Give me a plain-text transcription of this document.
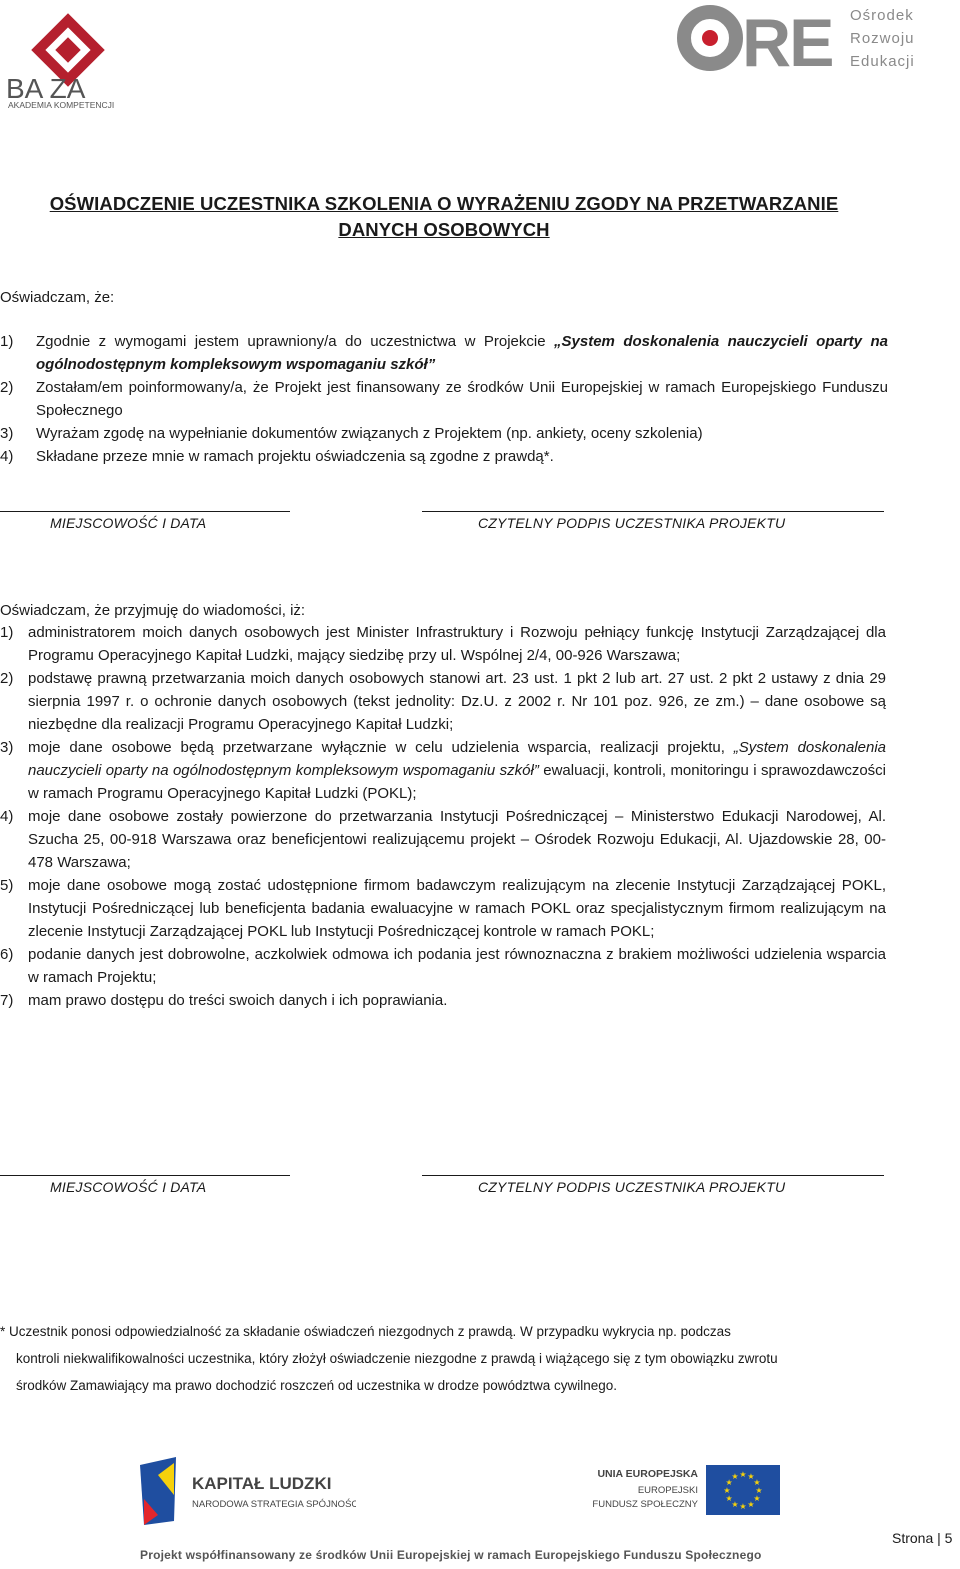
BA ZA
AKADEMIA KOMPETENCJI
RE Ośrodek
Rozwoju
Edukacji
OŚWIADCZENIE UCZESTNIKA SZKOLENIA O WYRAŻENIU ZGODY NA PRZETWARZANIE
DANYCH OSOBOWYCH
Oświadczam, że:
1)	Zgodnie z wymogami jestem uprawniony/a do uczestnictwa w Projekcie „System doskonalenia nauczycieli oparty na ogólnodostępnym kompleksowym wspomaganiu szkół”
2)	Zostałam/em poinformowany/a, że Projekt jest finansowany ze środków Unii Europejskiej w ramach Europejskiego Funduszu Społecznego
3)	Wyrażam zgodę na wypełnianie dokumentów związanych z Projektem (np. ankiety, oceny szkolenia)
4)	Składane przeze mnie w ramach projektu oświadczenia są zgodne z prawdą*.
MIEJSCOWOŚĆ I DATA	CZYTELNY PODPIS UCZESTNIKA PROJEKTU
Oświadczam, że przyjmuję do wiadomości, iż:
1) administratorem moich danych osobowych jest Minister Infrastruktury i Rozwoju pełniący funkcję Instytucji Zarządzającej dla Programu Operacyjnego Kapitał Ludzki, mający siedzibę przy ul. Wspólnej 2/4, 00-926 Warszawa;
2) podstawę prawną przetwarzania moich danych osobowych stanowi art. 23 ust. 1 pkt 2 lub art. 27 ust. 2 pkt 2 ustawy z dnia 29 sierpnia 1997 r. o ochronie danych osobowych (tekst jednolity: Dz.U. z 2002 r. Nr 101 poz. 926, ze zm.) – dane osobowe są niezbędne dla realizacji Programu Operacyjnego Kapitał Ludzki;
3) moje dane osobowe będą przetwarzane wyłącznie w celu udzielenia wsparcia, realizacji projektu, „System doskonalenia nauczycieli oparty na ogólnodostępnym kompleksowym wspomaganiu szkół” ewaluacji, kontroli, monitoringu i sprawozdawczości w ramach Programu Operacyjnego Kapitał Ludzki (POKL);
4) moje dane osobowe zostały powierzone do przetwarzania Instytucji Pośredniczącej – Ministerstwo Edukacji Narodowej, Al. Szucha 25, 00-918 Warszawa oraz beneficjentowi realizującemu projekt – Ośrodek Rozwoju Edukacji, Al. Ujazdowskie 28, 00-478 Warszawa;
5) moje dane osobowe mogą zostać udostępnione firmom badawczym realizującym na zlecenie Instytucji Zarządzającej POKL, Instytucji Pośredniczącej lub beneficjenta badania ewaluacyjne w ramach POKL oraz specjalistycznym firmom realizującym na zlecenie Instytucji Zarządzającej POKL lub Instytucji Pośredniczącej kontrole w ramach POKL;
6) podanie danych jest dobrowolne, aczkolwiek odmowa ich podania jest równoznaczna z brakiem możliwości udzielenia wsparcia w ramach Projektu;
7) mam prawo dostępu do treści swoich danych i ich poprawiania.
MIEJSCOWOŚĆ I DATA	CZYTELNY PODPIS UCZESTNIKA PROJEKTU
* Uczestnik ponosi odpowiedzialność za składanie oświadczeń niezgodnych z prawdą. W przypadku wykrycia np. podczas
kontroli niekwalifikowalności uczestnika, który złożył oświadczenie niezgodne z prawdą i wiążącego się z tym obowiązku zwrotu
środków Zamawiający ma prawo dochodzić roszczeń od uczestnika w drodze powództwa cywilnego.
KAPITAŁ LUDZKI
NARODOWA STRATEGIA SPÓJNOŚCI
UNIA EUROPEJSKA
EUROPEJSKI
FUNDUSZ SPOŁECZNY
★ ★
★
★
★
★
★
★
★
★
★
★
Strona | 5
Projekt współfinansowany ze środków Unii Europejskiej w ramach Europejskiego Funduszu Społecznego
